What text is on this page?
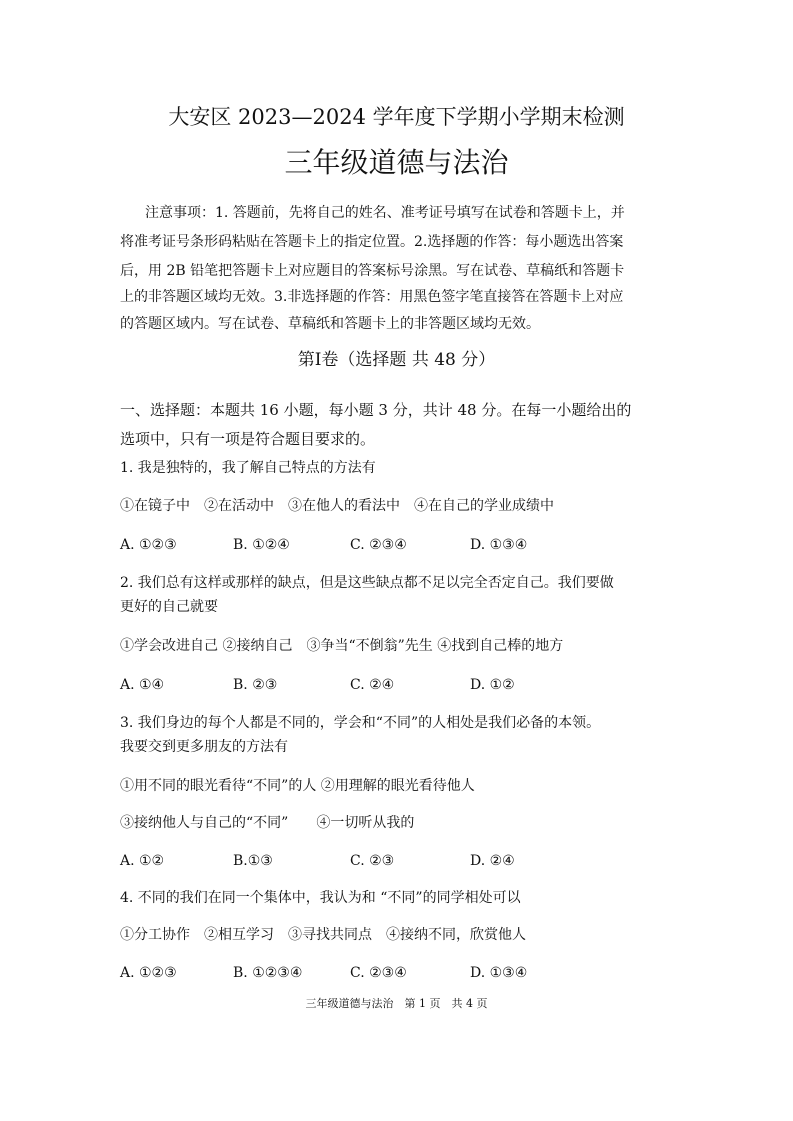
大安区 2023—2024 学年度下学期小学期末检测
三年级道德与法治
注意事项：1. 答题前，先将自己的姓名、准考证号填写在试卷和答题卡上，并
将准考证号条形码粘贴在答题卡上的指定位置。2.选择题的作答：每小题选出答案
后，用 2B 铅笔把答题卡上对应题目的答案标号涂黑。写在试卷、草稿纸和答题卡
上的非答题区域均无效。3.非选择题的作答：用黑色签字笔直接答在答题卡上对应
的答题区域内。写在试卷、草稿纸和答题卡上的非答题区域均无效。
第Ⅰ卷（选择题 共 48 分）
一、选择题：本题共 16 小题，每小题 3 分，共计 48 分。在每一小题给出的
选项中，只有一项是符合题目要求的。
1. 我是独特的，我了解自己特点的方法有
①在镜子中　②在活动中　③在他人的看法中　④在自己的学业成绩中
A. ①②③	B. ①②④	C. ②③④	D. ①③④
2. 我们总有这样或那样的缺点，但是这些缺点都不足以完全否定自己。我们要做
更好的自己就要
①学会改进自己 ②接纳自己　③争当“不倒翁”先生 ④找到自己棒的地方
A. ①④	B. ②③	C. ②④	D. ①②
3. 我们身边的每个人都是不同的，学会和“不同”的人相处是我们必备的本领。
我要交到更多朋友的方法有
①用不同的眼光看待“不同”的人 ②用理解的眼光看待他人
③接纳他人与自己的“不同”　　④一切听从我的
A. ①②	B.①③	C. ②③	D. ②④
4. 不同的我们在同一个集体中，我认为和 “不同”的同学相处可以
①分工协作　②相互学习　③寻找共同点　④接纳不同，欣赏他人
A. ①②③	B. ①②③④	C. ②③④	D. ①③④
三年级道德与法治　第 1 页　共 4 页
